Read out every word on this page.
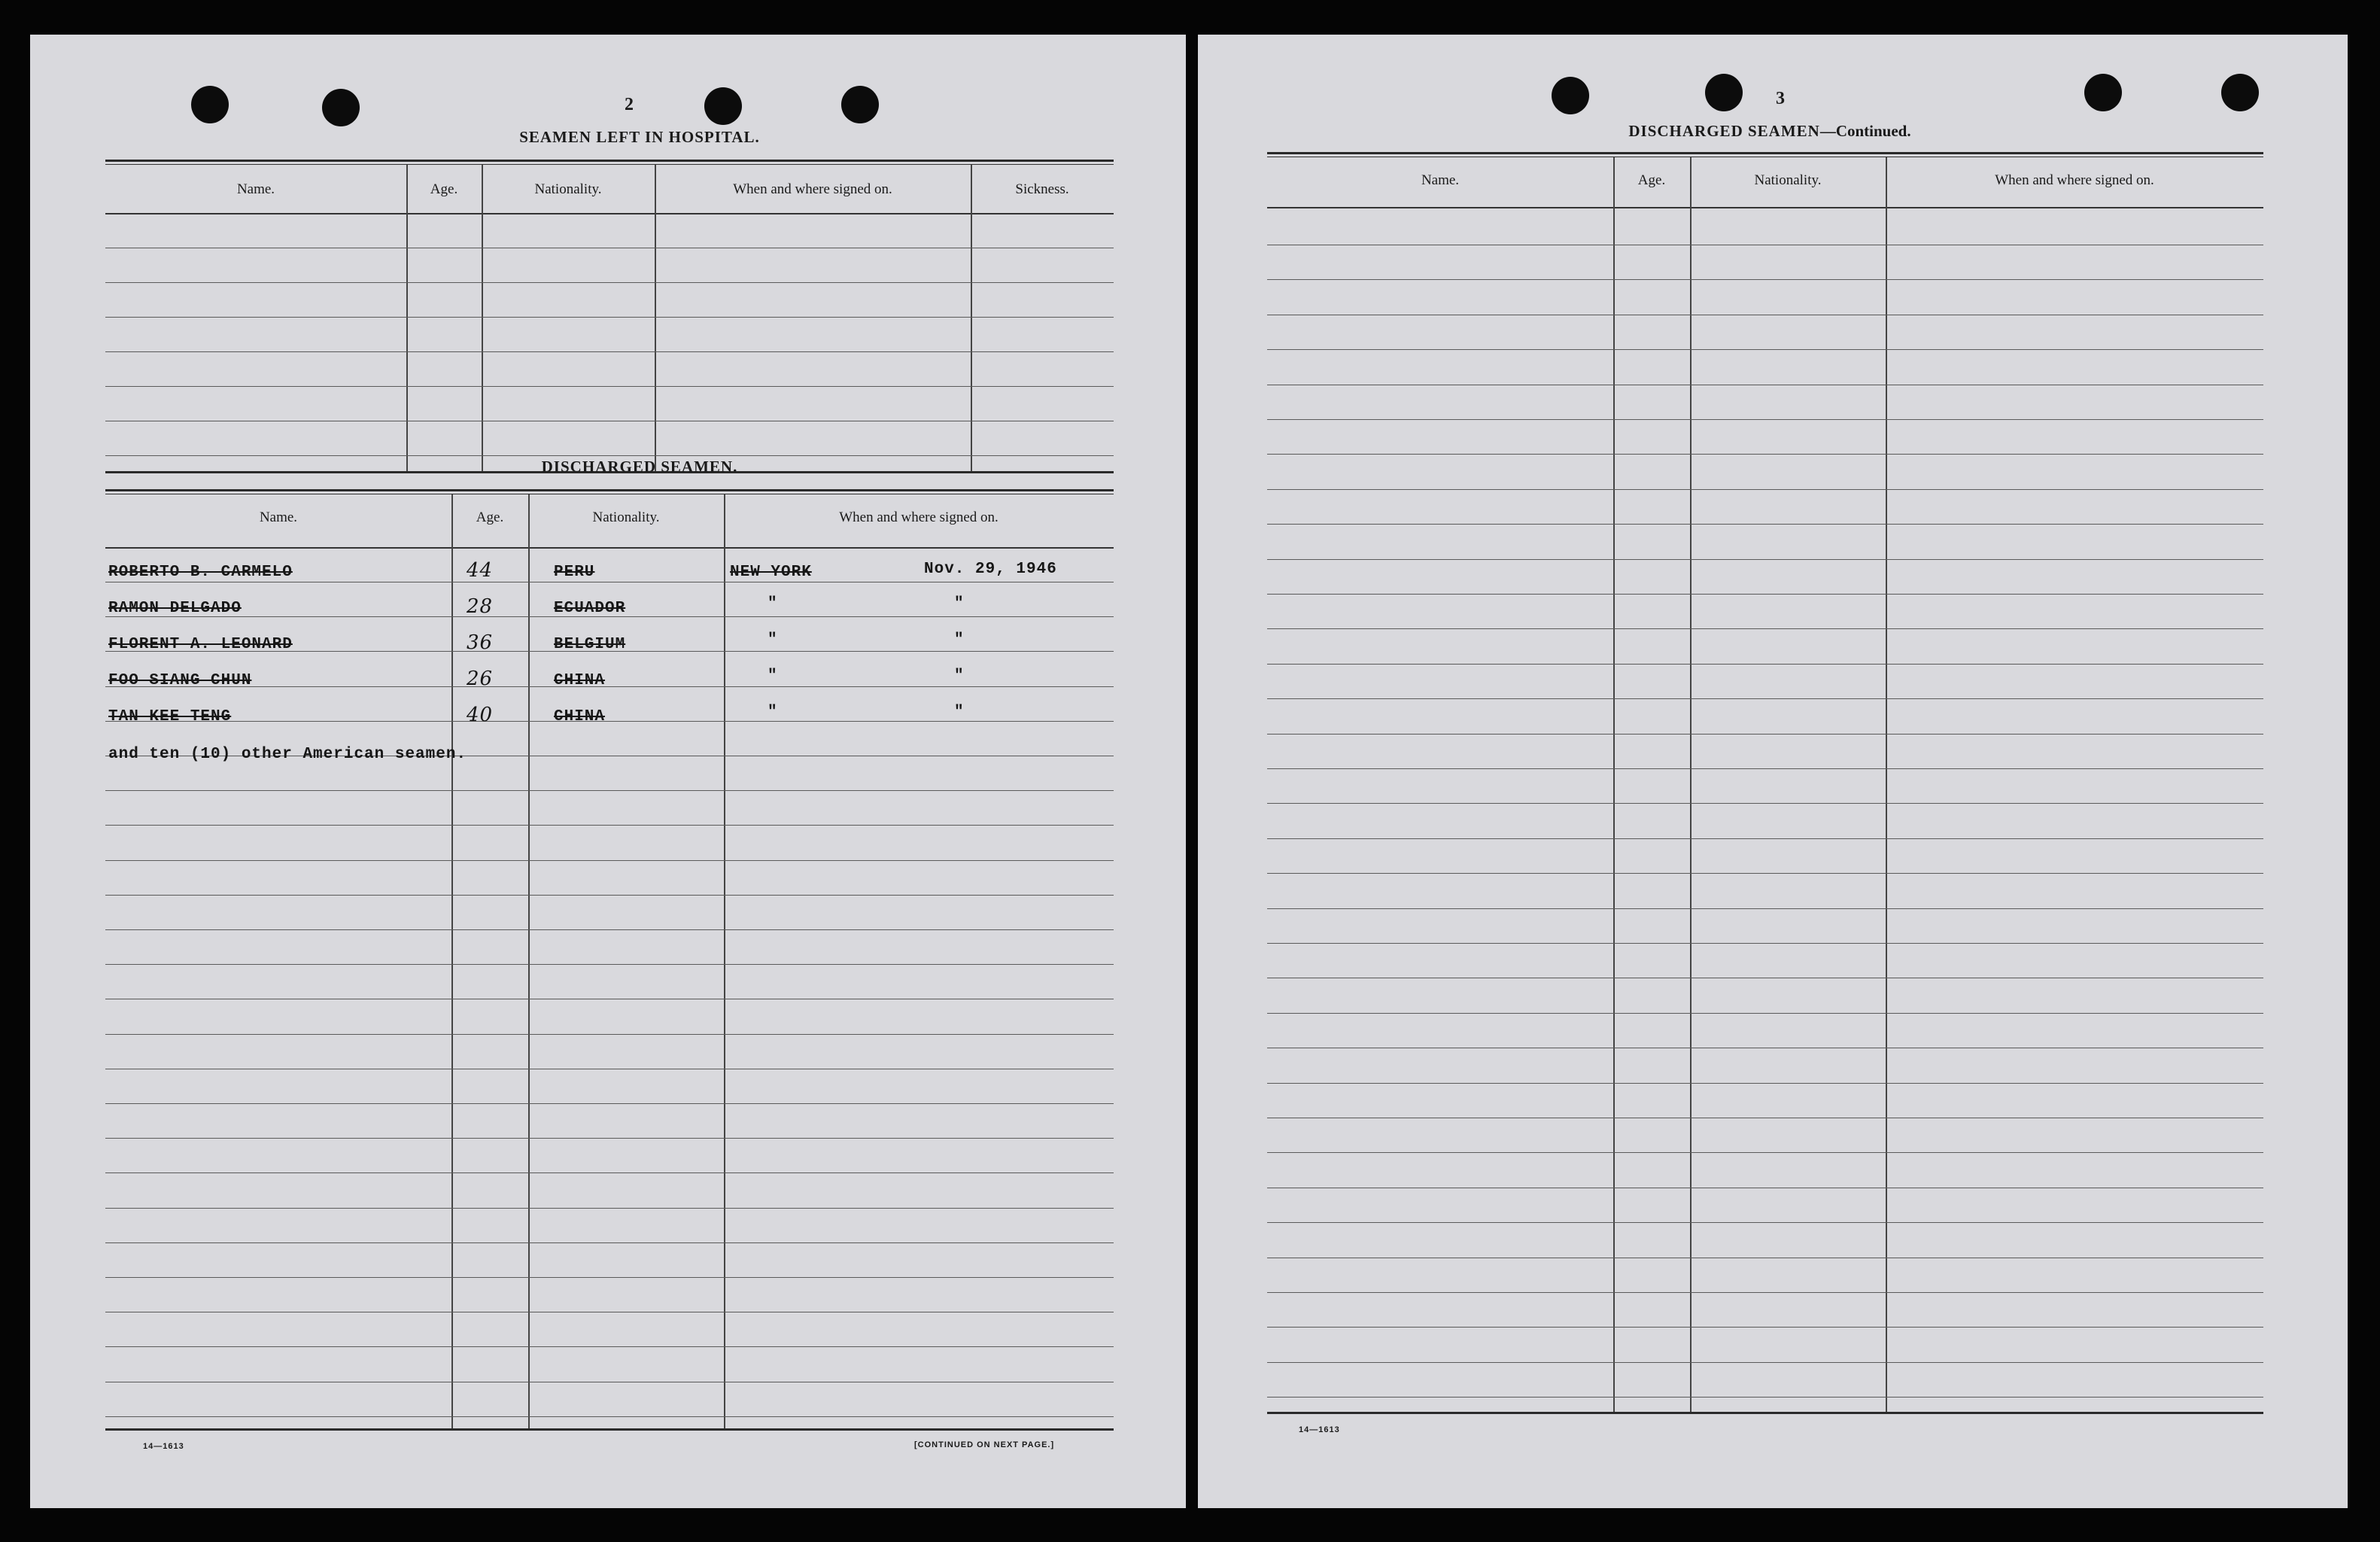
2
SEAMEN LEFT IN HOSPITAL.
Name.	Age.	Nationality.	When and where signed on.	Sickness.
DISCHARGED SEAMEN.
Name.	Age.	Nationality.	When and where signed on.
ROBERTO B. CARMELO	44	PERU	NEW YORK	Nov. 29, 1946
RAMON DELGADO	28	ECUADOR	"	"
FLORENT A. LEONARD	36	BELGIUM	"	"
FOO SIANG CHUN	26	CHINA	"	"
TAN KEE TENG	40	CHINA	"	"
and ten (10) other American seamen.
14—1613	[CONTINUED ON NEXT PAGE.]
3
DISCHARGED SEAMEN—Continued.
Name.	Age.	Nationality.	When and where signed on.
14—1613
